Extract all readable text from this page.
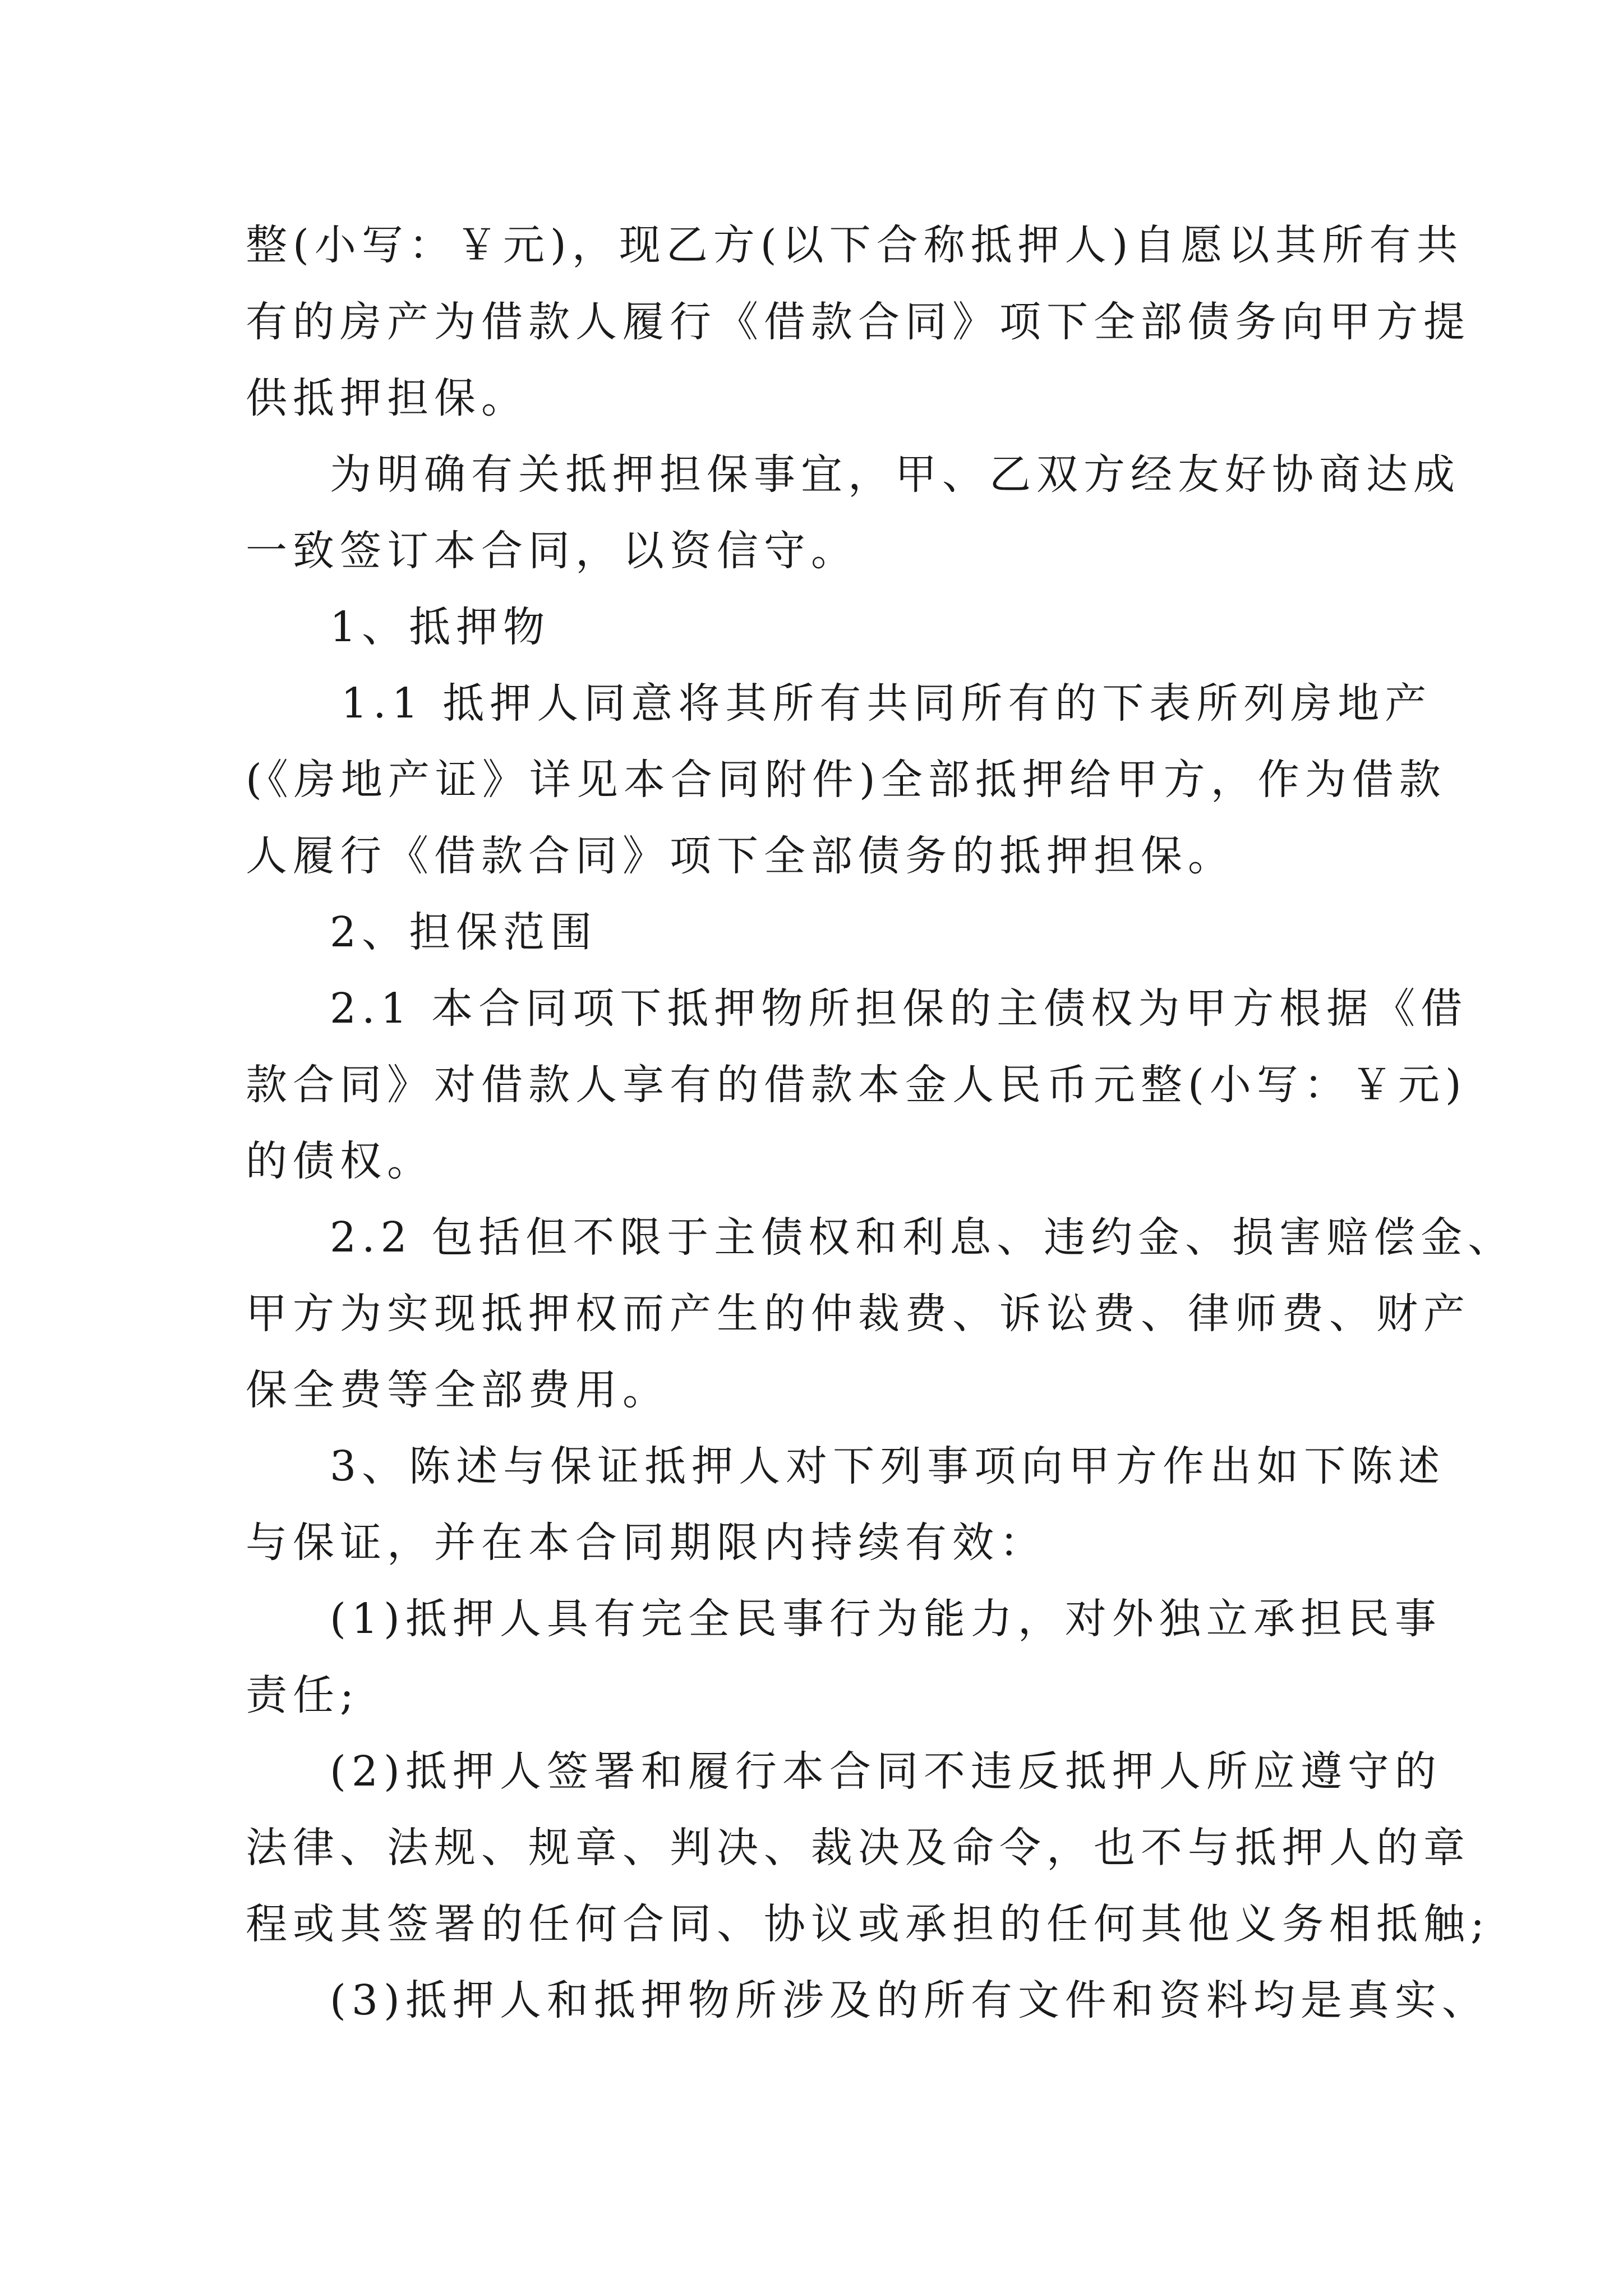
整(小写：￥元)，现乙方(以下合称抵押人)自愿以其所有共
有的房产为借款人履行《借款合同》项下全部债务向甲方提
供抵押担保。
为明确有关抵押担保事宜，甲、乙双方经友好协商达成
一致签订本合同，以资信守。
1、抵押物
1.1 抵押人同意将其所有共同所有的下表所列房地产
(《房地产证》详见本合同附件)全部抵押给甲方，作为借款
人履行《借款合同》项下全部债务的抵押担保。
2、担保范围
2.1 本合同项下抵押物所担保的主债权为甲方根据《借
款合同》对借款人享有的借款本金人民币元整(小写：￥元)
的债权。
2.2 包括但不限于主债权和利息、违约金、损害赔偿金、
甲方为实现抵押权而产生的仲裁费、诉讼费、律师费、财产
保全费等全部费用。
3、陈述与保证抵押人对下列事项向甲方作出如下陈述
与保证，并在本合同期限内持续有效：
(1)抵押人具有完全民事行为能力，对外独立承担民事
责任;
(2)抵押人签署和履行本合同不违反抵押人所应遵守的
法律、法规、规章、判决、裁决及命令，也不与抵押人的章
程或其签署的任何合同、协议或承担的任何其他义务相抵触;
(3)抵押人和抵押物所涉及的所有文件和资料均是真实、
